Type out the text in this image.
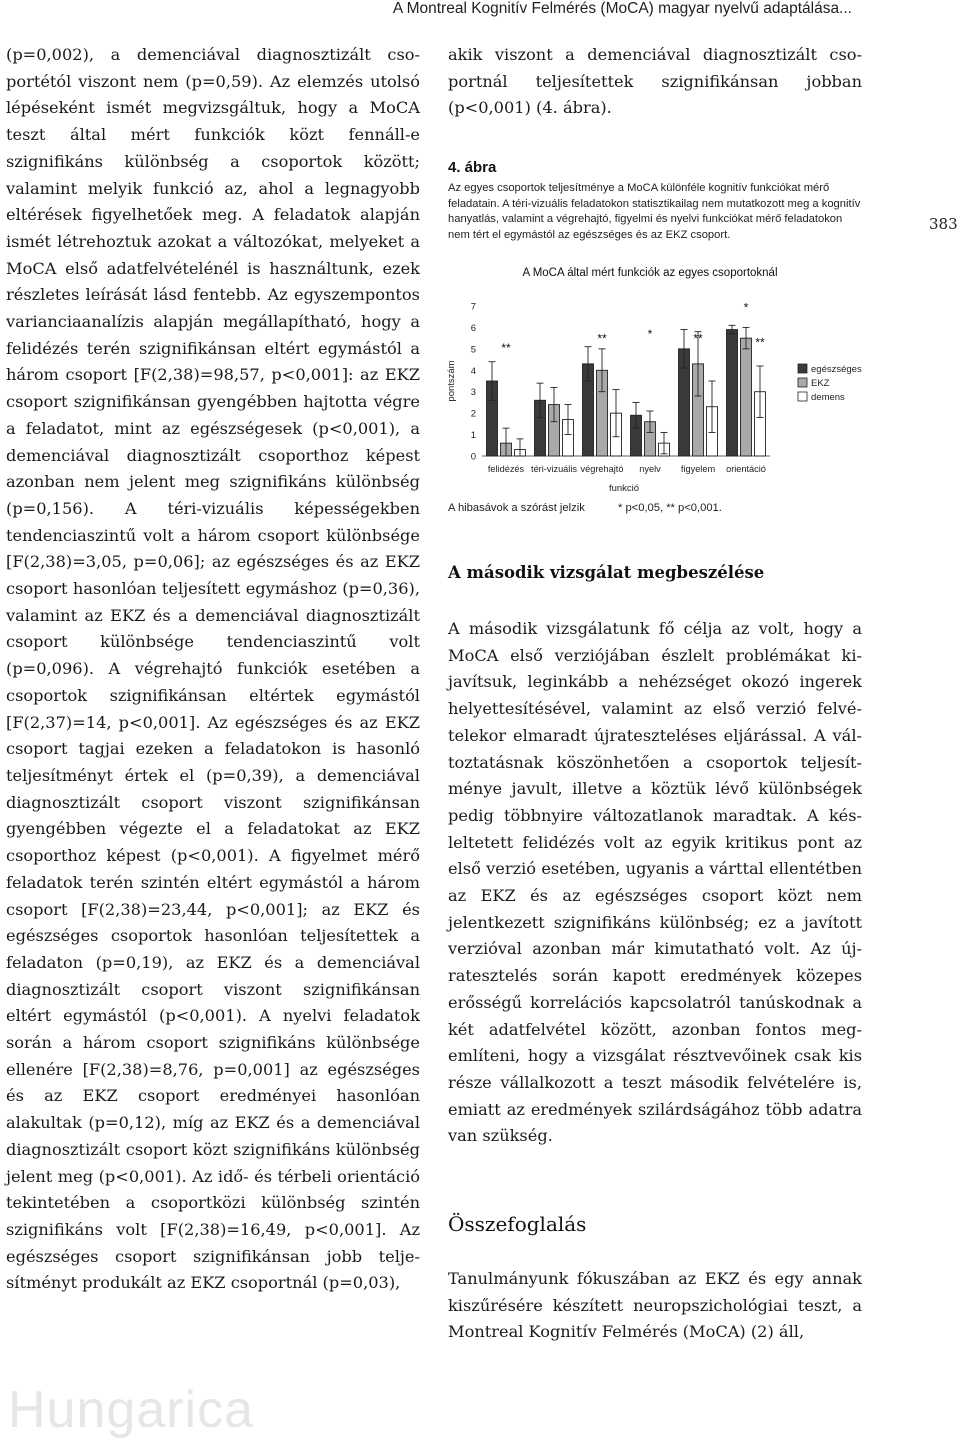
A Montreal Kognitív Felmérés (MoCA) magyar nyelvű adaptálása...
383

(p=0,002), a demenciával diagnosztizált csoportétól viszont nem (p=0,59). Az elemzés utolsó lépéseként ismét megvizsgáltuk, hogy a MoCA teszt által mért funkciók közt fennáll-e szignifikáns különbség a csoportok között; valamint melyik funkció az, ahol a legnagyobb eltérések figyelhetőek meg. A feladatok alapján ismét létrehoztuk azokat a változókat, melyeket a MoCA első adatfelvételénél is használtunk, ezek részletes leírását lásd fentebb. Az egyszempontos varianciaanalízis alapján megállapítható, hogy a felidézés terén szignifikánsan eltért egymástól a három csoport [F(2,38)=98,57, p<0,001]: az EKZ csoport szignifikánsan gyengébben hajtotta végre a feladatot, mint az egészségesek (p<0,001), a demenciával diagnosztizált csoporthoz képest azonban nem jelent meg szignifikáns különbség (p=0,156). A téri-vizuális képességekben tendenciaszintű volt a három csoport különbsége [F(2,38)=3,05, p=0,06]; az egészséges és az EKZ csoport hasonlóan teljesített egymáshoz (p=0,36), valamint az EKZ és a demenciával diagnosztizált csoport különbsége tendenciaszintű volt (p=0,096). A végrehajtó funkciók esetében a csoportok szignifikánsan eltértek egymástól [F(2,37)=14, p<0,001]. Az egészséges és az EKZ csoport tagjai ezeken a feladatokon is hasonló teljesítményt értek el (p=0,39), a demenciával diagnosztizált csoport viszont szignifikánsan gyengébben végezte el a feladatokat az EKZ csoporthoz képest (p<0,001). A figyelmet mérő feladatok terén szintén eltért egymástól a három csoport [F(2,38)=23,44, p<0,001]; az EKZ és egészséges csoportok hasonlóan teljesítettek a feladaton (p=0,19), az EKZ és a demenciával diagnosztizált csoport viszont szignifikánsan eltért egymástól (p<0,001). A nyelvi feladatok során a három csoport szignifikáns különbsége ellenére [F(2,38)=8,76, p=0,001] az egészséges és az EKZ csoport eredményei hasonlóan alakultak (p=0,12), míg az EKZ és a demenciával diagnosztizált csoport közt szignifikáns különbség jelent meg (p<0,001). Az idő- és térbeli orientáció tekintetében a csoportközi különbség szintén szignifikáns volt [F(2,38)=16,49, p<0,001]. Az egészséges csoport szignifikánsan jobb teljesítményt produkált az EKZ csoportnál (p=0,03),

akik viszont a demenciával diagnosztizált csoportnál teljesítettek szignifikánsan jobban (p<0,001) (4. ábra).

4. ábra
Az egyes csoportok teljesítménye a MoCA különféle kognitív funkciókat mérő feladatain. A téri-vizuális feladatokon statisztikailag nem mutatkozott meg a kognitív hanyatlás, valamint a végrehajtó, figyelmi és nyelvi funkciókat mérő feladatokon nem tért el egymástól az egészséges és az EKZ csoport.
A MoCA által mért funkciók az egyes csoportoknál
0
1
2
3
4
5
6
7
pontszám
felidézés téri-vizuális végrehajtó nyelv figyelem orientáció
funkció
**
**	*	**
*
**
egészséges
EKZ
demens
A hibasávok a szórást jelzik	* p<0,05, ** p<0,001.
A második vizsgálat megbeszélése

A második vizsgálatunk fő célja az volt, hogy a MoCA első verziójában észlelt problémákat kijavítsuk, leginkább a nehézséget okozó ingerek helyettesítésével, valamint az első verzió felvételekor elmaradt újrateszteléses eljárással. A változtatásnak köszönhetően a csoportok teljesítménye javult, illetve a köztük lévő különbségek pedig többnyire változatlanok maradtak. A késleltetett felidézés volt az egyik kritikus pont az első verzió esetében, ugyanis a várttal ellentétben az EKZ és az egészséges csoport közt nem jelentkezett szignifikáns különbség; ez a javított verzióval azonban már kimutatható volt. Az újratesztelés során kapott eredmények közepes erősségű korrelációs kapcsolatról tanúskodnak a két adatfelvétel között, azonban fontos megemlíteni, hogy a vizsgálat résztvevőinek csak kis része vállalkozott a teszt második felvételére is, emiatt az eredmények szilárdságához több adatra van szükség.

Összefoglalás

Tanulmányunk fókuszában az EKZ és egy annak kiszűrésére készített neuropszichológiai teszt, a Montreal Kognitív Felmérés (MoCA) (2) áll,

Hungarica
